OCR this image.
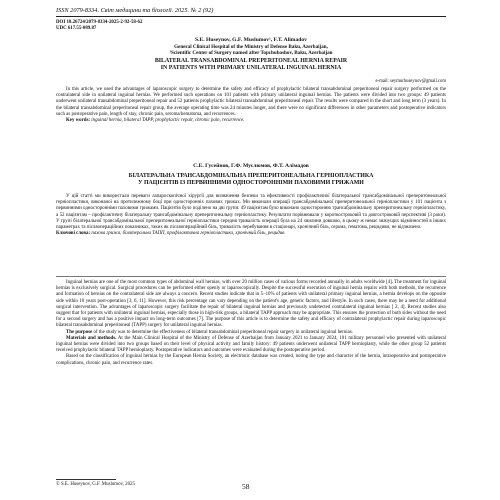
ISSN 2079-8334. Світ медицини та біології. 2025. № 2 (92)
DOI 10.26724/2079-8334-2025-2-92-58-62
UDC 617.55-089.87
S.E. Huseynov, G.F. Muslumov¹, F.T. Alimadov
General Clinical Hospital of the Ministry of Defense Baku, Azerbaijan,
¹Scientific Center of Surgery named after Topchubashov, Baku, Azerbaijan
BILATERAL TRANSABDOMINAL PREPERITONEAL HERNIA REPAIR
IN PATIENTS WITH PRIMARY UNILATERAL INGUINAL HERNIA
e-mail: seymurhuseynov@gmail.com

In this article, we used the advantages of laparoscopic surgery to determine the safety and efficacy of prophylactic bilateral transabdominal preperitoneal repair surgery performed on the contralateral side in unilateral inguinal hernias. We performed such operations on 101 patients with primary unilateral inguinal hernias. The patients were divided into two groups: 49 patients underwent unilateral transabdominal preperitoneal repair and 52 patients prophylactic bilateral transabdominal preperitoneal repair. The results were compared in the short and long term (3 years). In the bilateral transabdominal preperitoneal repair group, the average operating time was 24 minutes longer, and there were no significant differences in other parameters and postoperative indicators such as postoperative pain, length of stay, chronic pain, seroma/hematoma, and recurrences.

Key words: inguinal hernia, bilateral TAPP, prophylactic repair, chronic pain, recurrence.

С.Е. Гусейнов, Г.Ф. Муслюмов, Ф.Т. Алімадов
БІЛАТЕРАЛЬНА ТРАНСАБДОМІНАЛЬНА ПРЕПЕРИТОНЕАЛЬНА ГЕРНІОПЛАСТИКА
У ПАЦІЄНТІВ ІЗ ПЕРВИННИМИ ОДНОСТОРОННІМИ ПАХОВИМИ ГРИЖАМИ

У цій статті ми використали переваги лапароскопічної хірургії для визначення безпеки та ефективності профілактичної білатеральної трансабдомінальної преперитонеальної герніопластики, виконаної на протилежному боці при односторонніх пахових грижах. Ми виконали операції трансабдомінальної преперитонеальної герніопластики у 101 пацієнта з первинними односторонніми паховими грижами. Пацієнтів було поділено на дві групи: 49 пацієнтам було виконано односторонню трансабдомінальну преперитонеальну герніопластику, а 52 пацієнтам – профілактичну білатеральну трансабдомінальну преперитонеальну герніопластику. Результати порівнювали у короткостроковій та довгостроковій перспективі (3 роки). У групі білатеральної трансабдомінальної преперитонеальної герніопластики середня тривалість операції була на 24 хвилини довшою, в цьому ж немає значущих відмінностей в інших параметрах та післяопераційних показниках, таких як післяопераційний біль, тривалість перебування в стаціонарі, хронічний біль, серома, гематома, рецидиви, не відзначено.

Ключові слова: пахова грижа, білатеральна ТАПП, профілактична герніопластика, хронічний біль, рецидив.

Inguinal hernias are one of the most common types of abdominal wall hernias, with over 20 million cases of various forms recorded annually in adults worldwide [4]. The treatment for inguinal hernias is exclusively surgical. Surgical procedures can be performed either openly or laparoscopically. Despite the successful execution of inguinal hernia repairs with both methods, the recurrence and formation of hernias on the contralateral side are always a concern. Recent studies indicate that in 5–10% of patients with unilateral primary inguinal hernias, a hernia develops on the opposite side within 10 years post-operation [3, 6, 11]. However, this risk percentage can vary depending on the patient's age, genetic factors, and lifestyle. In such cases, there may be a need for additional surgical intervention. The advantages of laparoscopic surgery facilitate the repair of bilateral inguinal hernias and previously undetected contralateral inguinal hernias [ 2, 4]. Recent studies also suggest that for patients with unilateral inguinal hernias, especially those in high-risk groups, a bilateral TAPP approach may be appropriate. This ensures the protection of both sides without the need for a second surgery and has a positive impact on long-term outcomes [7]. The purpose of this article is to determine the safety and efficacy of contralateral prophylactic repair during laparoscopic bilateral transabdominal preperitoneal (TAPP) surgery for unilateral inguinal hernias.

The purpose of the study was to determine the effectiveness of bilateral transabdominal preperitoneal repair surgery in unilateral inguinal hernias.

Materials and methods. At the Main Clinical Hospital of the Ministry of Defense of Azerbaijan from January 2021 to January 2024, 101 military personnel who presented with unilateral inguinal hernias were divided into two groups based on their level of physical activity and family history: 49 patients underwent unilateral TAPP hernioplasty, while the other group 52 patients received prophylactic bilateral TAPP hernioplasty. Postoperative indicators and outcomes were evaluated during the postoperative period.

Based on the classification of inguinal hernias by the European Hernia Society, an electronic database was created, noting the type and character of the hernia, intraoperative and postoperative complications, chronic pain, and recurrence rates.

© S.E. Huseynov, G.F. Muslumov, 2025	58
